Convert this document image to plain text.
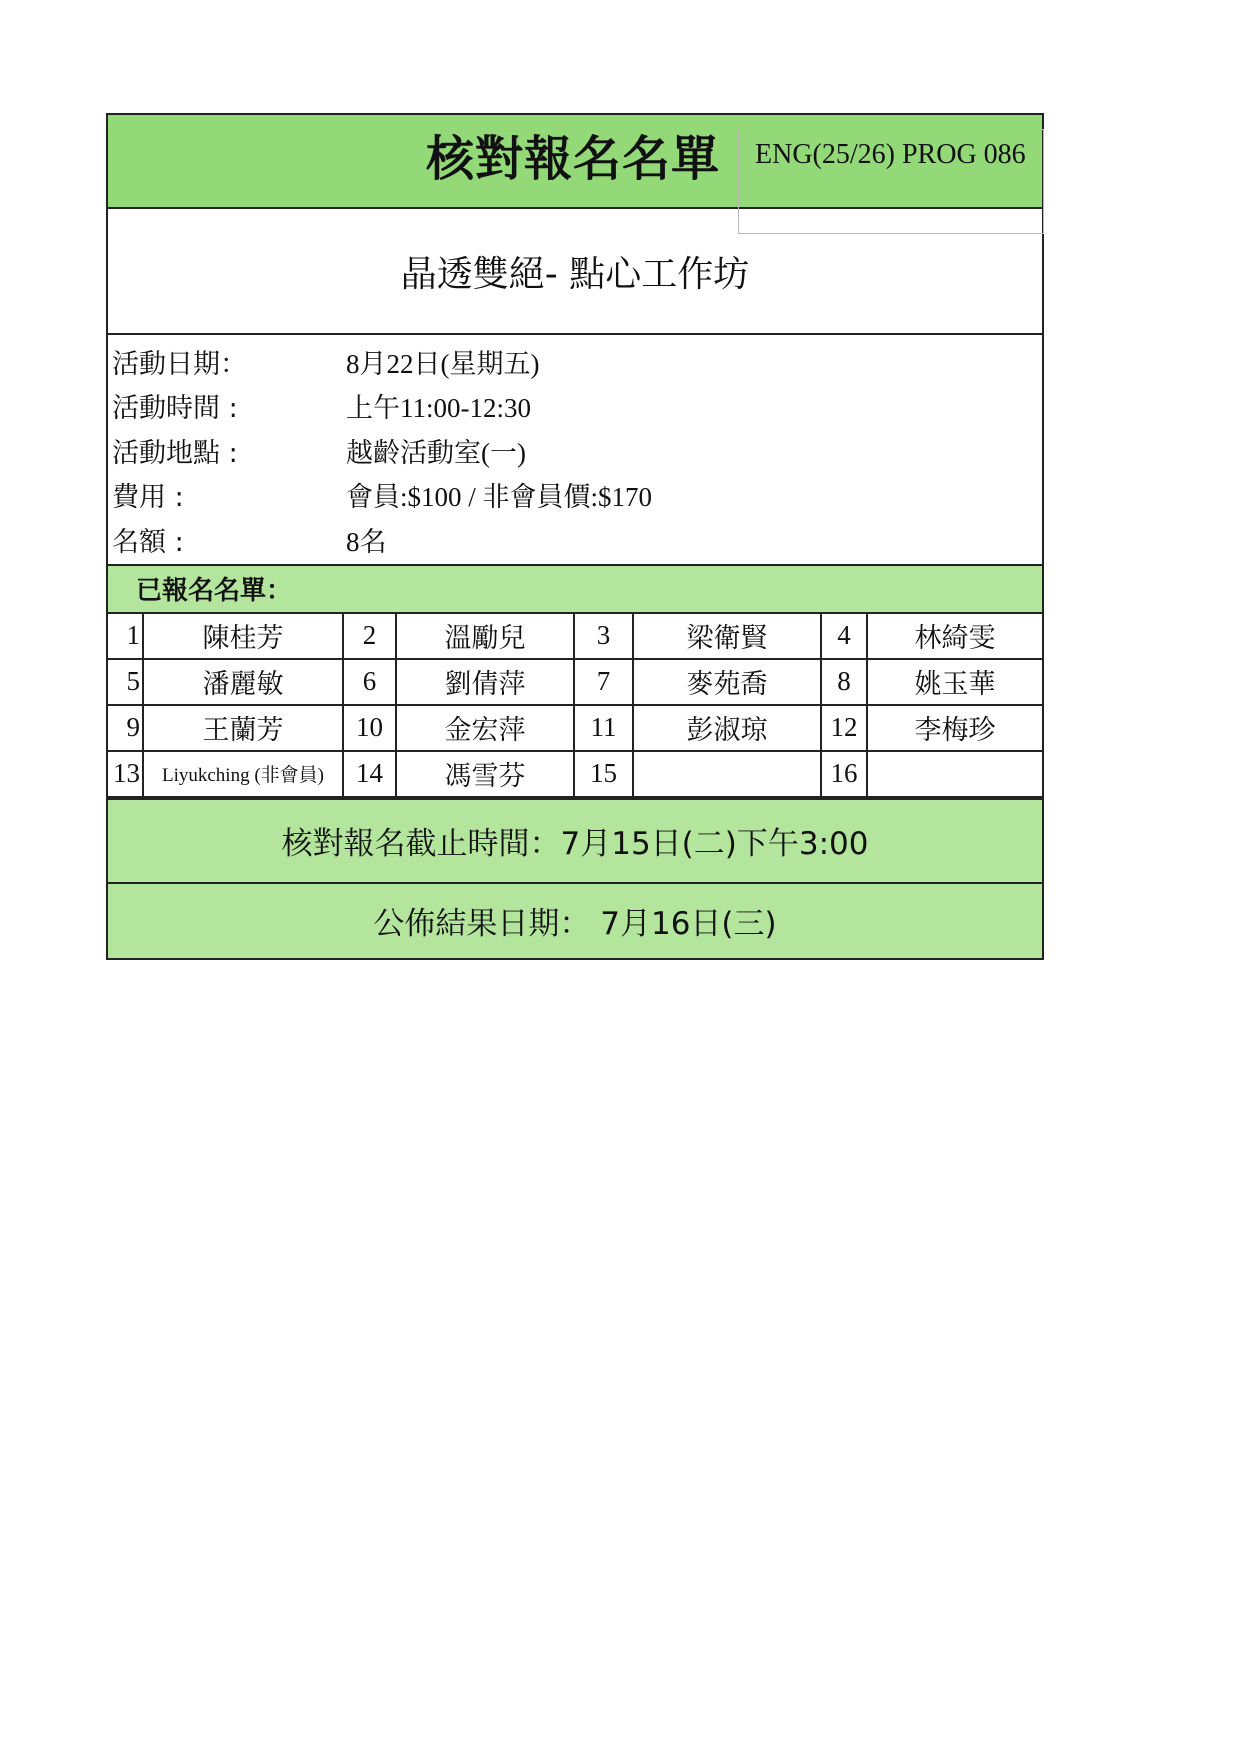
核對報名名單	ENG(25/26) PROG 086
晶透雙絕- 點心工作坊
活動日期：	8月22日(星期五)
活動時間 :	上午11:00-12:30
活動地點 :	越齡活動室(一)
費用 :	會員:$100 / 非會員價:$170
名額 :	8名
已報名名單：
1	陳桂芳	2	溫勵兒	3	梁衛賢	4	林綺雯
5	潘麗敏	6	劉倩萍	7	麥苑喬	8	姚玉華
9	王蘭芳	10	金宏萍	11	彭淑琼	12	李梅珍
13	Liyukching (非會員)	14	馮雪芬	15		16	
核對報名截止時間：7月15日(二)下午3:00
公佈結果日期： 7月16日(三)
